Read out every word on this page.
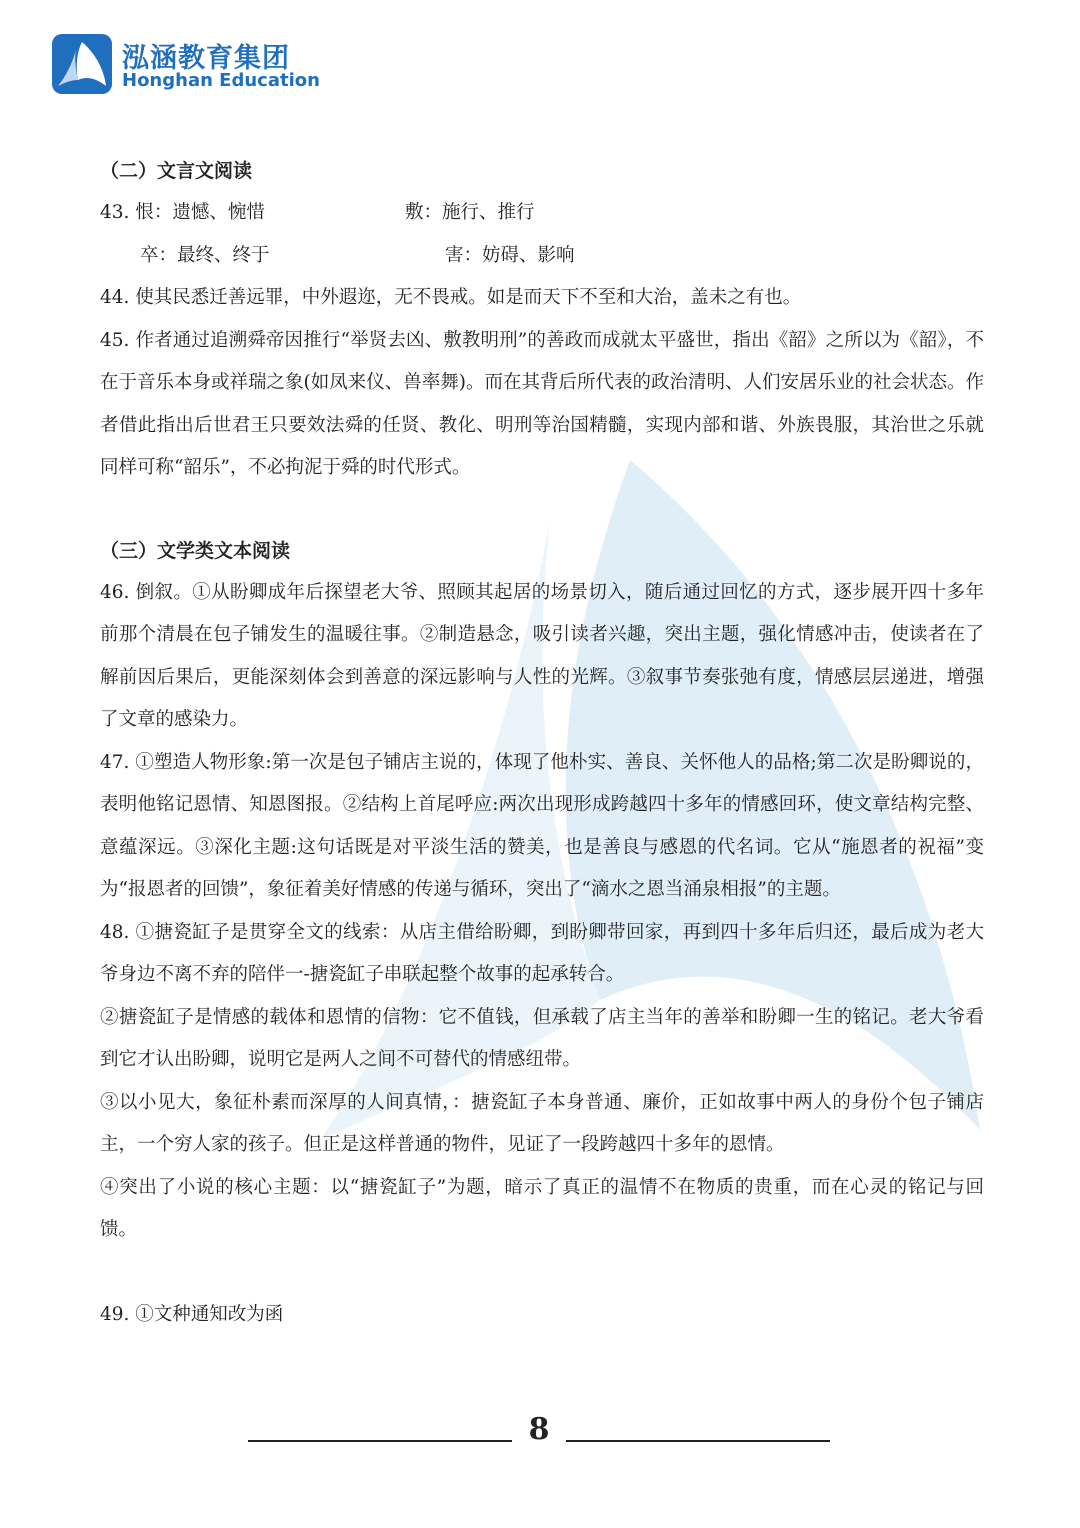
泓涵教育集团
Honghan Education

（二）文言文阅读

43. 恨：遗憾、惋惜	敷：施行、推行
卒：最终、终于	害：妨碍、影响

44. 使其民悉迁善远罪，中外遐迩，无不畏戒。如是而天下不至和大治，盖未之有也。

45. 作者通过追溯舜帝因推行“举贤去凶、敷教明刑”的善政而成就太平盛世，指出《韶》之所以为《韶》，不在于音乐本身或祥瑞之象(如凤来仪、兽率舞)。而在其背后所代表的政治清明、人们安居乐业的社会状态。作者借此指出后世君王只要效法舜的任贤、教化、明刑等治国精髓，实现内部和谐、外族畏服，其治世之乐就同样可称“韶乐”，不必拘泥于舜的时代形式。

（三）文学类文本阅读

46. 倒叙。①从盼卿成年后探望老大爷、照顾其起居的场景切入，随后通过回忆的方式，逐步展开四十多年前那个清晨在包子铺发生的温暖往事。②制造悬念，吸引读者兴趣，突出主题，强化情感冲击，使读者在了解前因后果后，更能深刻体会到善意的深远影响与人性的光辉。③叙事节奏张弛有度，情感层层递进，增强了文章的感染力。

47. ①塑造人物形象:第一次是包子铺店主说的，体现了他朴实、善良、关怀他人的品格;第二次是盼卿说的，表明他铭记恩情、知恩图报。②结构上首尾呼应:两次出现形成跨越四十多年的情感回环，使文章结构完整、意蕴深远。③深化主题:这句话既是对平淡生活的赞美，也是善良与感恩的代名词。它从“施恩者的祝福”变为“报恩者的回馈”，象征着美好情感的传递与循环，突出了“滴水之恩当涌泉相报”的主题。

48. ①搪瓷缸子是贯穿全文的线索：从店主借给盼卿，到盼卿带回家，再到四十多年后归还，最后成为老大爷身边不离不弃的陪伴一-搪瓷缸子串联起整个故事的起承转合。

②搪瓷缸子是情感的载体和恩情的信物：它不值钱，但承载了店主当年的善举和盼卿一生的铭记。老大爷看到它才认出盼卿，说明它是两人之间不可替代的情感纽带。

③以小见大，象征朴素而深厚的人间真情，：搪瓷缸子本身普通、廉价，正如故事中两人的身份个包子铺店主，一个穷人家的孩子。但正是这样普通的物件，见证了一段跨越四十多年的恩情。

④突出了小说的核心主题：以“搪瓷缸子”为题，暗示了真正的温情不在物质的贵重，而在心灵的铭记与回馈。

49. ①文种通知改为函

8
